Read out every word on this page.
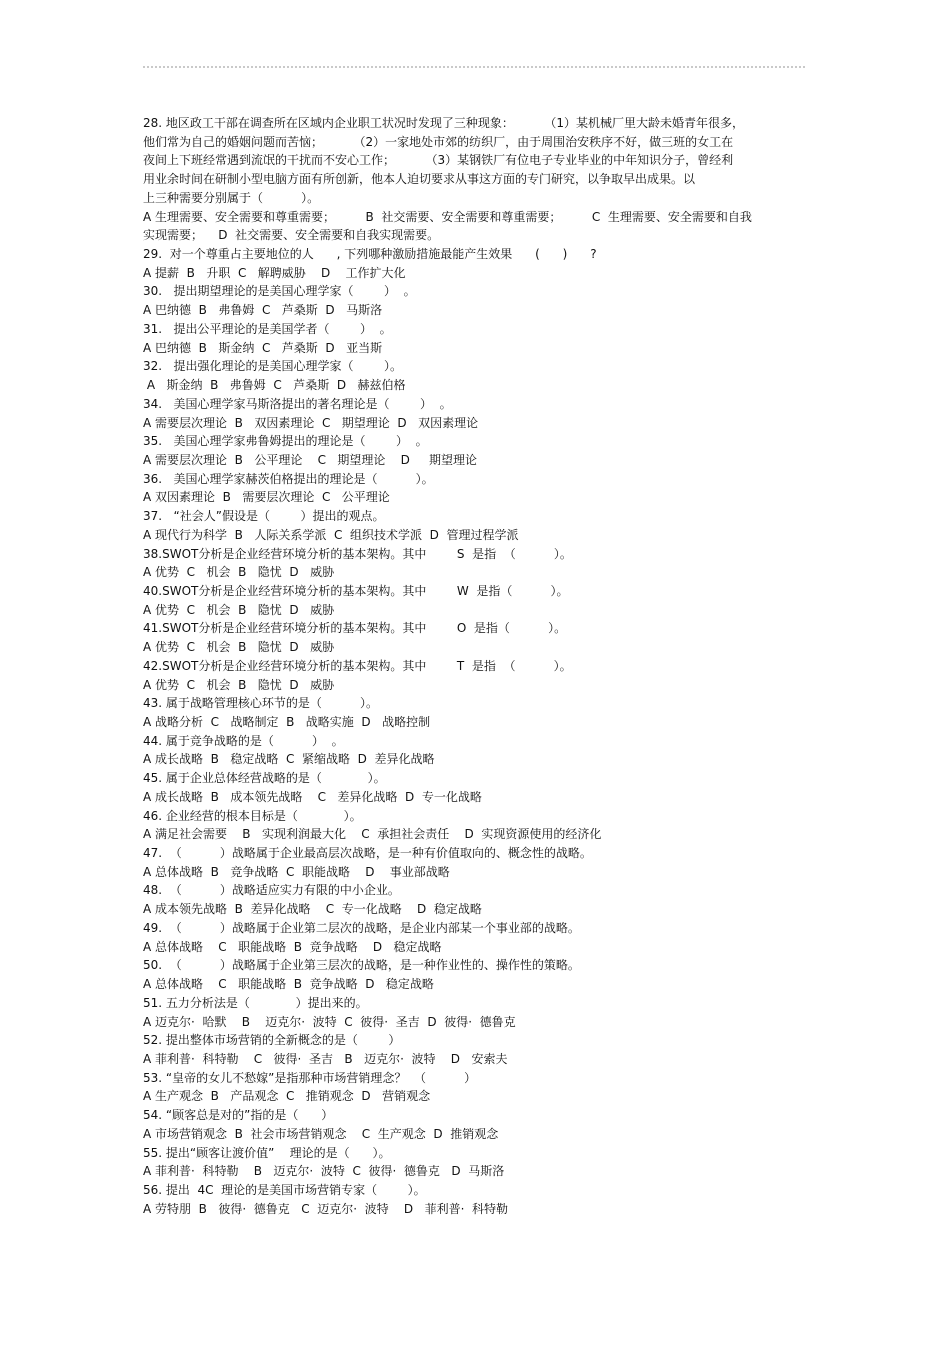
28. 地区政工干部在调查所在区域内企业职工状况时发现了三种现象：        （1）某机械厂里大龄未婚青年很多，
他们常为自己的婚姻问题而苦恼；        （2）一家地处市郊的纺织厂，由于周围治安秩序不好，做三班的女工在
夜间上下班经常遇到流氓的干扰而不安心工作；        （3）某钢铁厂有位电子专业毕业的中年知识分子，曾经利
用业余时间在研制小型电脑方面有所创新，他本人迫切要求从事这方面的专门研究，以争取早出成果。以
上三种需要分别属于（          ）。
A 生理需要、安全需要和尊重需要；        B  社交需要、安全需要和尊重需要；        C  生理需要、安全需要和自我
实现需要；    D  社交需要、安全需要和自我实现需要。
29.  对一个尊重占主要地位的人      , 下列哪种激励措施最能产生效果      (      )      ?
A 提薪  B   升职  C   解聘威胁    D    工作扩大化
30.   提出期望理论的是美国心理学家（        ）  。
A 巴纳德  B   弗鲁姆  C   芦桑斯  D   马斯洛
31.   提出公平理论的是美国学者（        ）  。
A 巴纳德  B   斯金纳  C   芦桑斯  D   亚当斯
32.   提出强化理论的是美国心理学家（        ）。
A   斯金纳  B   弗鲁姆  C   芦桑斯  D   赫兹伯格
34.   美国心理学家马斯洛提出的著名理论是（        ）  。
A 需要层次理论  B   双因素理论  C   期望理论  D   双因素理论
35.   美国心理学家弗鲁姆提出的理论是（        ）  。
A 需要层次理论  B   公平理论    C   期望理论    D     期望理论
36.   美国心理学家赫茨伯格提出的理论是（          ）。
A 双因素理论  B   需要层次理论  C   公平理论
37.   “社会人”假设是（        ）提出的观点。
A 现代行为科学  B   人际关系学派  C  组织技术学派  D  管理过程学派
38.SWOT分析是企业经营环境分析的基本架构。其中        S  是指  （          ）。
A 优势  C   机会  B   隐忧  D   威胁
40.SWOT分析是企业经营环境分析的基本架构。其中        W  是指（          ）。
A 优势  C   机会  B   隐忧  D   威胁
41.SWOT分析是企业经营环境分析的基本架构。其中        O  是指（          ）。
A 优势  C   机会  B   隐忧  D   威胁
42.SWOT分析是企业经营环境分析的基本架构。其中        T  是指  （          ）。
A 优势  C   机会  B   隐忧  D   威胁
43. 属于战略管理核心环节的是（          ）。
A 战略分析  C   战略制定  B   战略实施  D   战略控制
44. 属于竞争战略的是（          ）  。
A 成长战略  B   稳定战略  C  紧缩战略  D  差异化战略
45. 属于企业总体经营战略的是（            ）。
A 成长战略  B   成本领先战略    C   差异化战略  D  专一化战略
46. 企业经营的根本目标是（            ）。
A 满足社会需要    B   实现利润最大化    C  承担社会责任    D  实现资源使用的经济化
47.  （          ）战略属于企业最高层次战略，是一种有价值取向的、概念性的战略。
A 总体战略  B   竞争战略  C  职能战略    D    事业部战略
48.  （          ）战略适应实力有限的中小企业。
A 成本领先战略  B  差异化战略    C  专一化战略    D  稳定战略
49.  （          ）战略属于企业第二层次的战略，是企业内部某一个事业部的战略。
A 总体战略    C   职能战略  B  竞争战略    D   稳定战略
50.  （          ）战略属于企业第三层次的战略，是一种作业性的、操作性的策略。
A 总体战略    C   职能战略  B  竞争战略  D   稳定战略
51. 五力分析法是（            ）提出来的。
A 迈克尔·  哈默    B    迈克尔·  波特  C  彼得·  圣吉  D  彼得·  德鲁克
52. 提出整体市场营销的全新概念的是（        ）
A 菲利普·  科特勒    C   彼得·  圣吉   B   迈克尔·  波特    D   安索夫
53. “皇帝的女儿不愁嫁”是指那种市场营销理念？  （          ）
A 生产观念  B   产品观念  C   推销观念  D   营销观念
54. “顾客总是对的”指的是（      ）
A 市场营销观念  B  社会市场营销观念    C  生产观念  D  推销观念
55. 提出“顾客让渡价值”    理论的是（      ）。
A 菲利普·  科特勒    B   迈克尔·  波特  C  彼得·  德鲁克   D  马斯洛
56. 提出  4C  理论的是美国市场营销专家（        ）。
A 劳特朋  B   彼得·  德鲁克   C  迈克尔·  波特    D   菲利普·  科特勒
